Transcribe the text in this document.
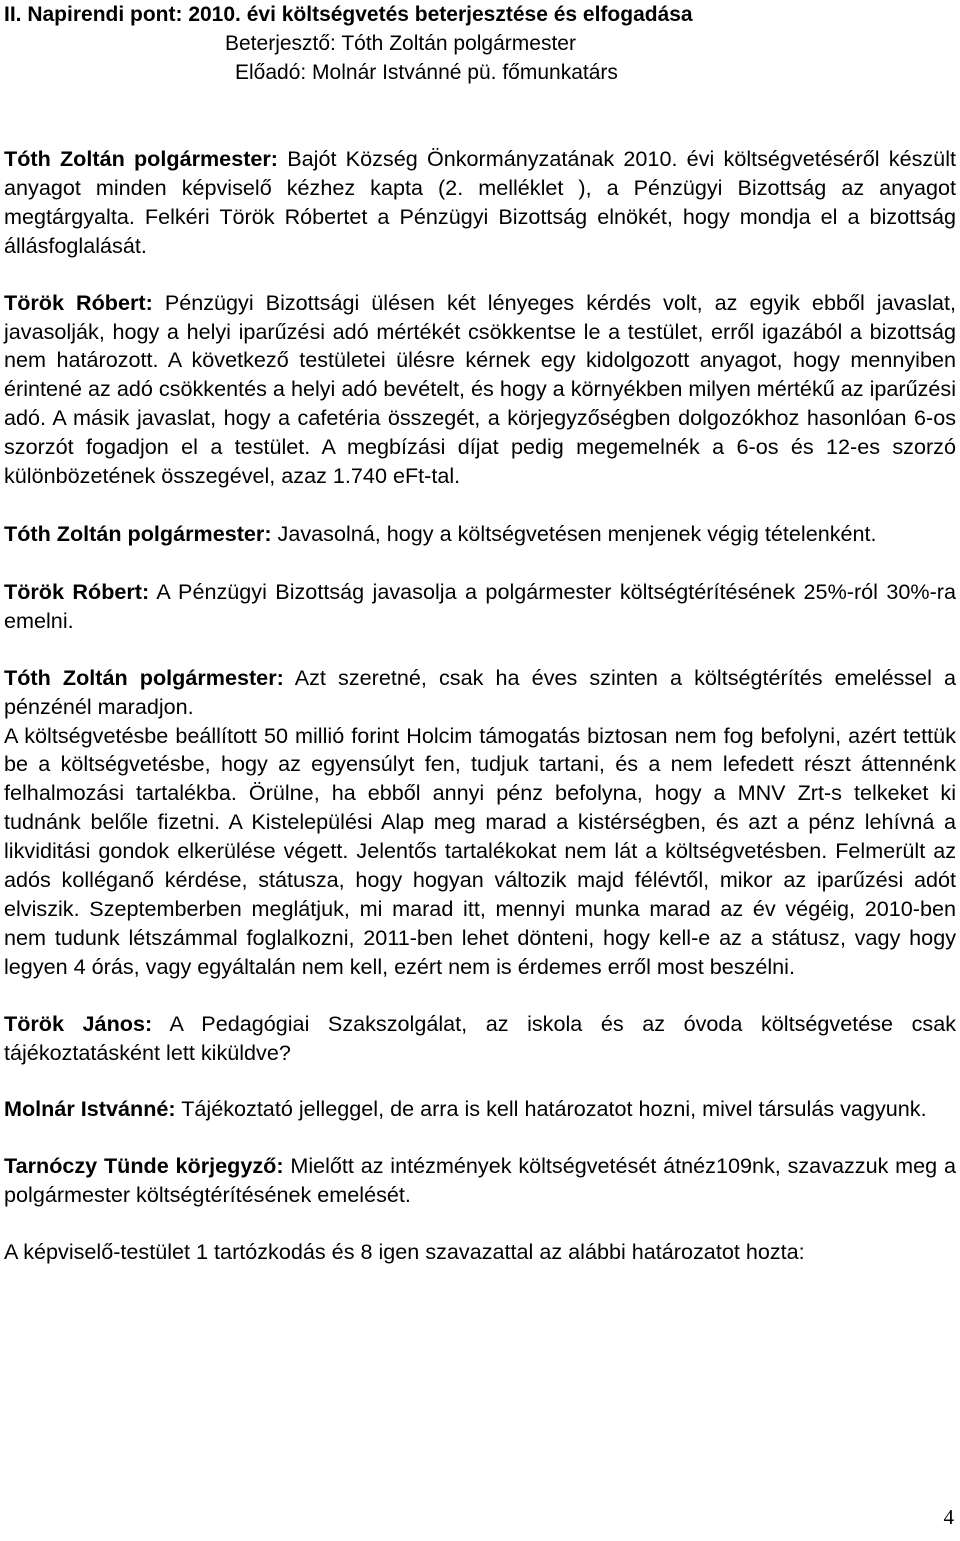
II. Napirendi pont: 2010. évi költségvetés beterjesztése és elfogadása
Beterjesztő: Tóth Zoltán polgármester
Előadó: Molnár Istvánné pü. főmunkatárs

Tóth Zoltán polgármester: Bajót Község Önkormányzatának 2010. évi költségvetéséről készült anyagot minden képviselő kézhez kapta (2. melléklet ), a Pénzügyi Bizottság az anyagot megtárgyalta. Felkéri Török Róbertet a Pénzügyi Bizottság elnökét, hogy mondja el a bizottság állásfoglalását.

Török Róbert: Pénzügyi Bizottsági ülésen két lényeges kérdés volt, az egyik ebből javaslat, javasolják, hogy a helyi iparűzési adó mértékét csökkentse le a testület, erről igazából a bizottság nem határozott. A következő testületei ülésre kérnek egy kidolgozott anyagot, hogy mennyiben érintené az adó csökkentés a helyi adó bevételt, és hogy a környékben milyen mértékű az iparűzési adó. A másik javaslat, hogy a cafetéria összegét, a körjegyzőségben dolgozókhoz hasonlóan 6-os szorzót fogadjon el a testület. A megbízási díjat pedig megemelnék a 6-os és 12-es szorzó különbözetének összegével, azaz 1.740 eFt-tal.

Tóth Zoltán polgármester: Javasolná, hogy a költségvetésen menjenek végig tételenként.

Török Róbert: A Pénzügyi Bizottság javasolja a polgármester költségtérítésének 25%-ról 30%-ra emelni.

Tóth Zoltán polgármester: Azt szeretné, csak ha éves szinten a költségtérítés emeléssel a pénzénél maradjon.

A költségvetésbe beállított 50 millió forint Holcim támogatás biztosan nem fog befolyni, azért tettük be a költségvetésbe, hogy az egyensúlyt fen, tudjuk tartani, és a nem lefedett részt áttennénk felhalmozási tartalékba. Örülne, ha ebből annyi pénz befolyna, hogy a MNV Zrt-s telkeket ki tudnánk belőle fizetni. A Kistelepülési Alap meg marad a kistérségben, és azt a pénz lehívná a likviditási gondok elkerülése végett. Jelentős tartalékokat nem lát a költségvetésben. Felmerült az adós kolléganő kérdése, státusza, hogy hogyan változik majd félévtől, mikor az iparűzési adót elviszik. Szeptemberben meglátjuk, mi marad itt, mennyi munka marad az év végéig, 2010-ben nem tudunk létszámmal foglalkozni, 2011-ben lehet dönteni, hogy kell-e az a státusz, vagy hogy legyen 4 órás, vagy egyáltalán nem kell, ezért nem is érdemes erről most beszélni.

Török János: A Pedagógiai Szakszolgálat, az iskola és az óvoda költségvetése csak tájékoztatásként lett kiküldve?

Molnár Istvánné: Tájékoztató jelleggel, de arra is kell határozatot hozni, mivel társulás vagyunk.

Tarnóczy Tünde körjegyző: Mielőtt az intézmények költségvetését átnéz109nk, szavazzuk meg a polgármester költségtérítésének emelését.

A képviselő-testület 1 tartózkodás és 8 igen szavazattal az alábbi határozatot hozta:

4
